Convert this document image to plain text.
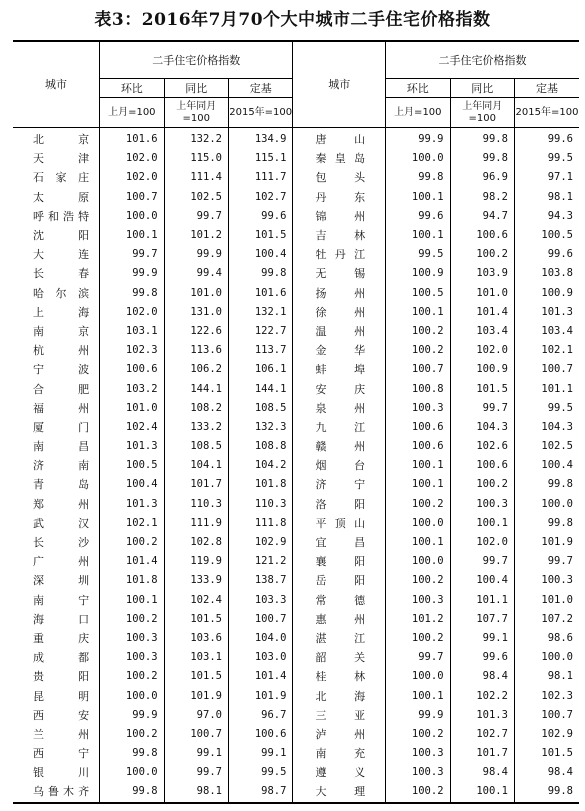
表3：2016年7月70个大中城市二手住宅价格指数
城市	二手住宅价格指数			城市	二手住宅价格指数		
	环比	同比	定基		环比	同比	定基
	上月=100	上年同月=100	2015年=100		上月=100	上年同月=100	2015年=100
北京	101.6	132.2	134.9	唐山	99.9	99.8	99.6
天津	102.0	115.0	115.1	秦皇岛	100.0	99.8	99.5
石家庄	102.0	111.4	111.7	包头	99.8	96.9	97.1
太原	100.7	102.5	102.7	丹东	100.1	98.2	98.1
呼和浩特	100.0	99.7	99.6	锦州	99.6	94.7	94.3
沈阳	100.1	101.2	101.5	吉林	100.1	100.6	100.5
大连	99.7	99.9	100.4	牡丹江	99.5	100.2	99.6
长春	99.9	99.4	99.8	无锡	100.9	103.9	103.8
哈尔滨	99.8	101.0	101.6	扬州	100.5	101.0	100.9
上海	102.0	131.0	132.1	徐州	100.1	101.4	101.3
南京	103.1	122.6	122.7	温州	100.2	103.4	103.4
杭州	102.3	113.6	113.7	金华	100.2	102.0	102.1
宁波	100.6	106.2	106.1	蚌埠	100.7	100.9	100.7
合肥	103.2	144.1	144.1	安庆	100.8	101.5	101.1
福州	101.0	108.2	108.5	泉州	100.3	99.7	99.5
厦门	102.4	133.2	132.3	九江	100.6	104.3	104.3
南昌	101.3	108.5	108.8	赣州	100.6	102.6	102.5
济南	100.5	104.1	104.2	烟台	100.1	100.6	100.4
青岛	100.4	101.7	101.8	济宁	100.1	100.2	99.8
郑州	101.3	110.3	110.3	洛阳	100.2	100.3	100.0
武汉	102.1	111.9	111.8	平顶山	100.0	100.1	99.8
长沙	100.2	102.8	102.9	宜昌	100.1	102.0	101.9
广州	101.4	119.9	121.2	襄阳	100.0	99.7	99.7
深圳	101.8	133.9	138.7	岳阳	100.2	100.4	100.3
南宁	100.1	102.4	103.3	常德	100.3	101.1	101.0
海口	100.2	101.5	100.7	惠州	101.2	107.7	107.2
重庆	100.3	103.6	104.0	湛江	100.2	99.1	98.6
成都	100.3	103.1	103.0	韶关	99.7	99.6	100.0
贵阳	100.2	101.5	101.4	桂林	100.0	98.4	98.1
昆明	100.0	101.9	101.9	北海	100.1	102.2	102.3
西安	99.9	97.0	96.7	三亚	99.9	101.3	100.7
兰州	100.2	100.7	100.6	泸州	100.2	102.7	102.9
西宁	99.8	99.1	99.1	南充	100.3	101.7	101.5
银川	100.0	99.7	99.5	遵义	100.3	98.4	98.4
乌鲁木齐	99.8	98.1	98.7	大理	100.2	100.1	99.8
